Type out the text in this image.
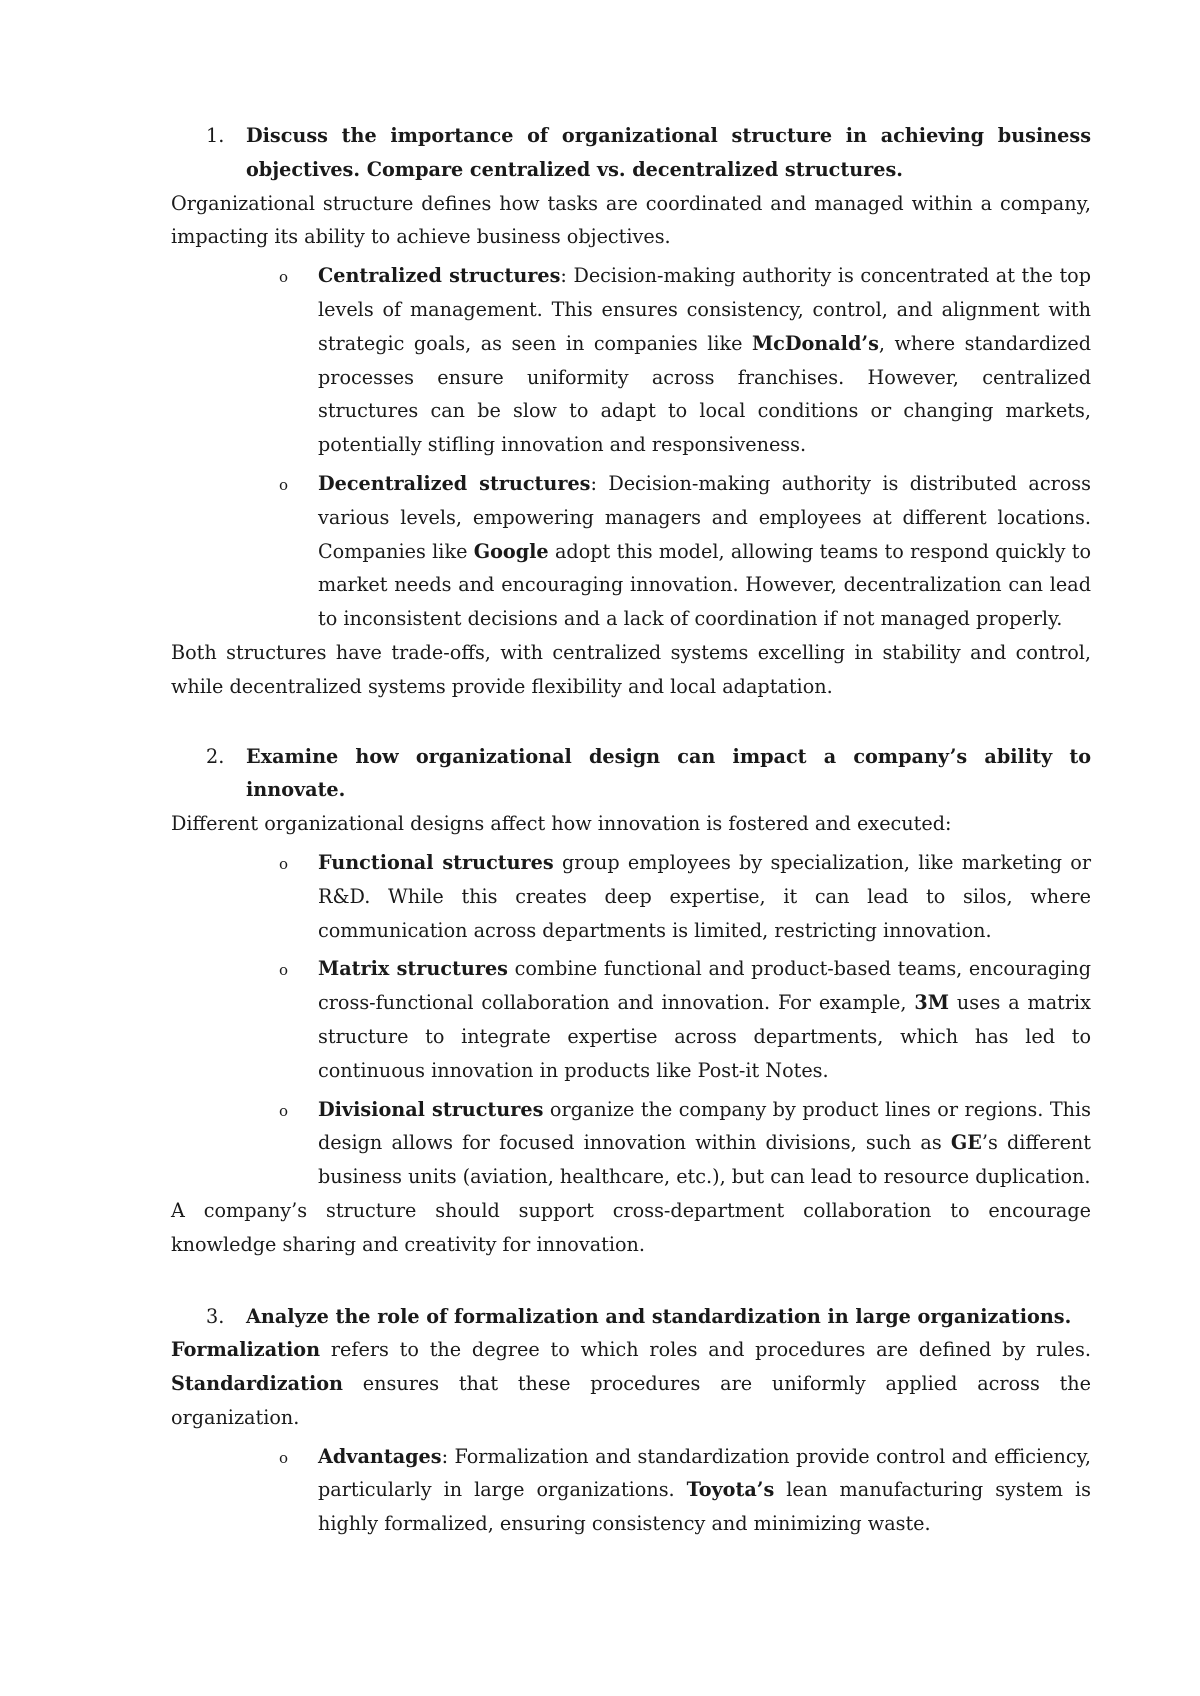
1. Discuss the importance of organizational structure in achieving business objectives. Compare centralized vs. decentralized structures.

Organizational structure defines how tasks are coordinated and managed within a company, impacting its ability to achieve business objectives.

o Centralized structures: Decision-making authority is concentrated at the top levels of management. This ensures consistency, control, and alignment with strategic goals, as seen in companies like McDonald’s, where standardized processes ensure uniformity across franchises. However, centralized structures can be slow to adapt to local conditions or changing markets, potentially stifling innovation and responsiveness.
o Decentralized structures: Decision-making authority is distributed across various levels, empowering managers and employees at different locations. Companies like Google adopt this model, allowing teams to respond quickly to market needs and encouraging innovation. However, decentralization can lead to inconsistent decisions and a lack of coordination if not managed properly.

Both structures have trade-offs, with centralized systems excelling in stability and control, while decentralized systems provide flexibility and local adaptation.

2. Examine how organizational design can impact a company’s ability to innovate.

Different organizational designs affect how innovation is fostered and executed:

o Functional structures group employees by specialization, like marketing or R&D. While this creates deep expertise, it can lead to silos, where communication across departments is limited, restricting innovation.
o Matrix structures combine functional and product-based teams, encouraging cross-functional collaboration and innovation. For example, 3M uses a matrix structure to integrate expertise across departments, which has led to continuous innovation in products like Post-it Notes.
o Divisional structures organize the company by product lines or regions. This design allows for focused innovation within divisions, such as GE’s different business units (aviation, healthcare, etc.), but can lead to resource duplication.

A company’s structure should support cross-department collaboration to encourage knowledge sharing and creativity for innovation.

3. Analyze the role of formalization and standardization in large organizations.

Formalization refers to the degree to which roles and procedures are defined by rules. Standardization ensures that these procedures are uniformly applied across the organization.

o Advantages: Formalization and standardization provide control and efficiency, particularly in large organizations. Toyota’s lean manufacturing system is highly formalized, ensuring consistency and minimizing waste.
